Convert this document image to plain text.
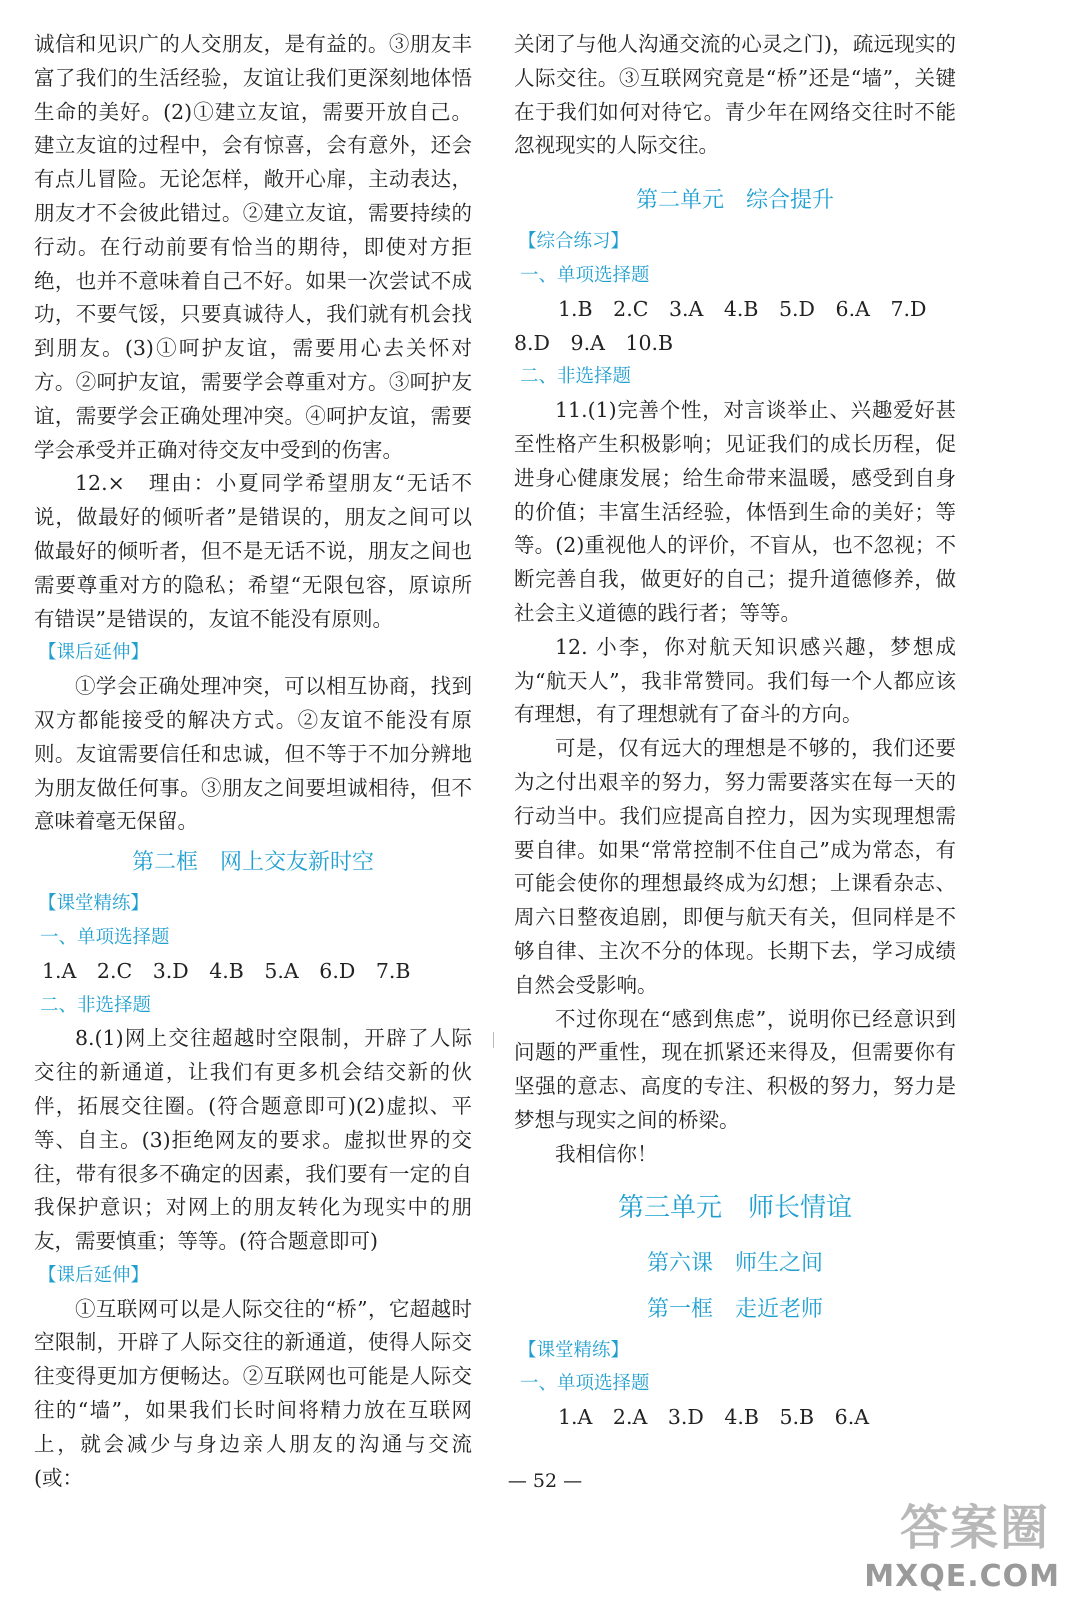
诚信和见识广的人交朋友，是有益的。③朋友丰富了我们的生活经验，友谊让我们更深刻地体悟生命的美好。(2)①建立友谊，需要开放自己。建立友谊的过程中，会有惊喜，会有意外，还会有点儿冒险。无论怎样，敞开心扉，主动表达，朋友才不会彼此错过。②建立友谊，需要持续的行动。在行动前要有恰当的期待，即使对方拒绝，也并不意味着自己不好。如果一次尝试不成功，不要气馁，只要真诚待人，我们就有机会找到朋友。(3)①呵护友谊，需要用心去关怀对方。②呵护友谊，需要学会尊重对方。③呵护友谊，需要学会正确处理冲突。④呵护友谊，需要学会承受并正确对待交友中受到的伤害。

12.×　理由：小夏同学希望朋友“无话不说，做最好的倾听者”是错误的，朋友之间可以做最好的倾听者，但不是无话不说，朋友之间也需要尊重对方的隐私；希望“无限包容，原谅所有错误”是错误的，友谊不能没有原则。

【课后延伸】

①学会正确处理冲突，可以相互协商，找到双方都能接受的解决方式。②友谊不能没有原则。友谊需要信任和忠诚，但不等于不加分辨地为朋友做任何事。③朋友之间要坦诚相待，但不意味着毫无保留。

第二框　网上交友新时空

【课堂精练】

一、单项选择题

1.A 2.C 3.D 4.B 5.A 6.D 7.B

二、非选择题

8.(1)网上交往超越时空限制，开辟了人际交往的新通道，让我们有更多机会结交新的伙伴，拓展交往圈。(符合题意即可)(2)虚拟、平等、自主。(3)拒绝网友的要求。虚拟世界的交往，带有很多不确定的因素，我们要有一定的自我保护意识；对网上的朋友转化为现实中的朋友，需要慎重；等等。(符合题意即可)

【课后延伸】

①互联网可以是人际交往的“桥”，它超越时空限制，开辟了人际交往的新通道，使得人际交往变得更加方便畅达。②互联网也可能是人际交往的“墙”，如果我们长时间将精力放在互联网上，就会减少与身边亲人朋友的沟通与交流(或：

关闭了与他人沟通交流的心灵之门)，疏远现实的人际交往。③互联网究竟是“桥”还是“墙”，关键在于我们如何对待它。青少年在网络交往时不能忽视现实的人际交往。

第二单元　综合提升

【综合练习】

一、单项选择题

1.B 2.C 3.A 4.B 5.D 6.A 7.D

8.D 9.A 10.B

二、非选择题

11.(1)完善个性，对言谈举止、兴趣爱好甚至性格产生积极影响；见证我们的成长历程，促进身心健康发展；给生命带来温暖，感受到自身的价值；丰富生活经验，体悟到生命的美好；等等。(2)重视他人的评价，不盲从，也不忽视；不断完善自我，做更好的自己；提升道德修养，做社会主义道德的践行者；等等。

12. 小李，你对航天知识感兴趣，梦想成为“航天人”，我非常赞同。我们每一个人都应该有理想，有了理想就有了奋斗的方向。

可是，仅有远大的理想是不够的，我们还要为之付出艰辛的努力，努力需要落实在每一天的行动当中。我们应提高自控力，因为实现理想需要自律。如果“常常控制不住自己”成为常态，有可能会使你的理想最终成为幻想；上课看杂志、周六日整夜追剧，即便与航天有关，但同样是不够自律、主次不分的体现。长期下去，学习成绩自然会受影响。

不过你现在“感到焦虑”，说明你已经意识到问题的严重性，现在抓紧还来得及，但需要你有坚强的意志、高度的专注、积极的努力，努力是梦想与现实之间的桥梁。

我相信你！

第三单元　师长情谊
第六课　师生之间
第一框　走近老师

【课堂精练】

一、单项选择题

1.A 2.A 3.D 4.B 5.B 6.A

— 52 —
答案圈
MXQE.COM
